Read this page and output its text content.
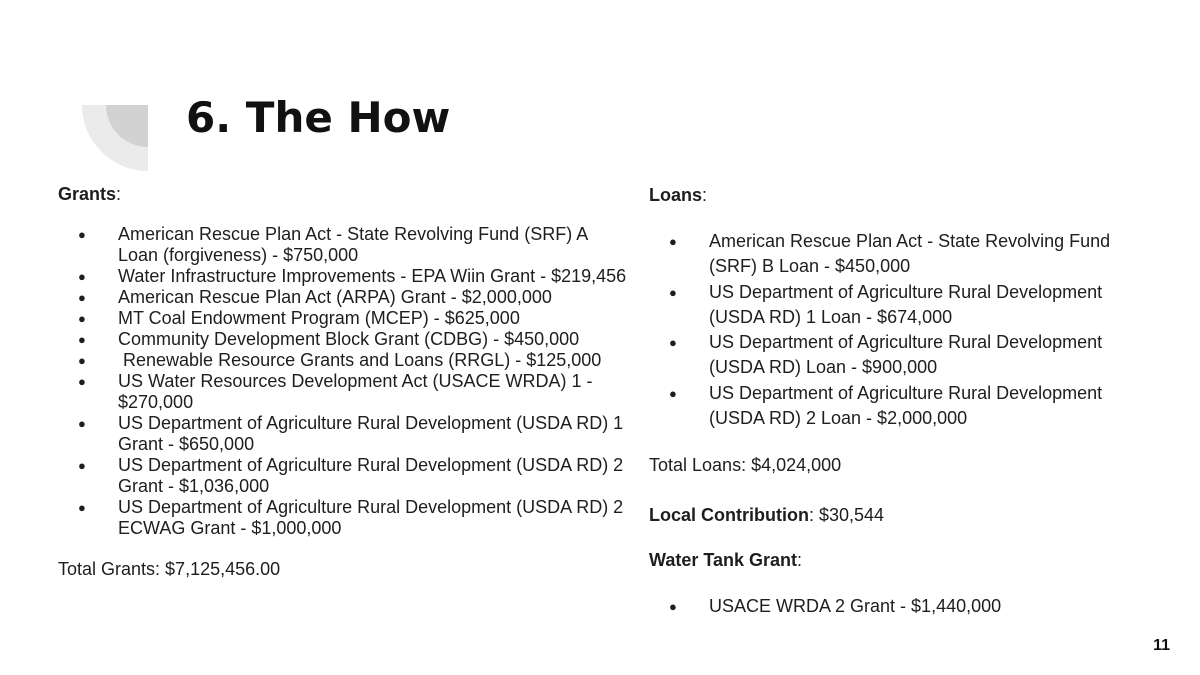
6. The How

Grants:

● American Rescue Plan Act - State Revolving Fund (SRF) A Loan (forgiveness) - $750,000
● Water Infrastructure Improvements - EPA Wiin Grant - $219,456
● American Rescue Plan Act (ARPA) Grant - $2,000,000
● MT Coal Endowment Program (MCEP) - $625,000
● Community Development Block Grant (CDBG) - $450,000
● Renewable Resource Grants and Loans (RRGL) - $125,000
● US Water Resources Development Act (USACE WRDA) 1 - $270,000
● US Department of Agriculture Rural Development (USDA RD) 1 Grant - $650,000
● US Department of Agriculture Rural Development (USDA RD) 2 Grant - $1,036,000
● US Department of Agriculture Rural Development (USDA RD) 2 ECWAG Grant - $1,000,000

Total Grants: $7,125,456.00

Loans:

● American Rescue Plan Act - State Revolving Fund (SRF) B Loan - $450,000
● US Department of Agriculture Rural Development (USDA RD) 1 Loan - $674,000
● US Department of Agriculture Rural Development (USDA RD) Loan - $900,000
● US Department of Agriculture Rural Development (USDA RD) 2 Loan - $2,000,000

Total Loans: $4,024,000

Local Contribution: $30,544

Water Tank Grant:

● USACE WRDA 2 Grant - $1,440,000
11
